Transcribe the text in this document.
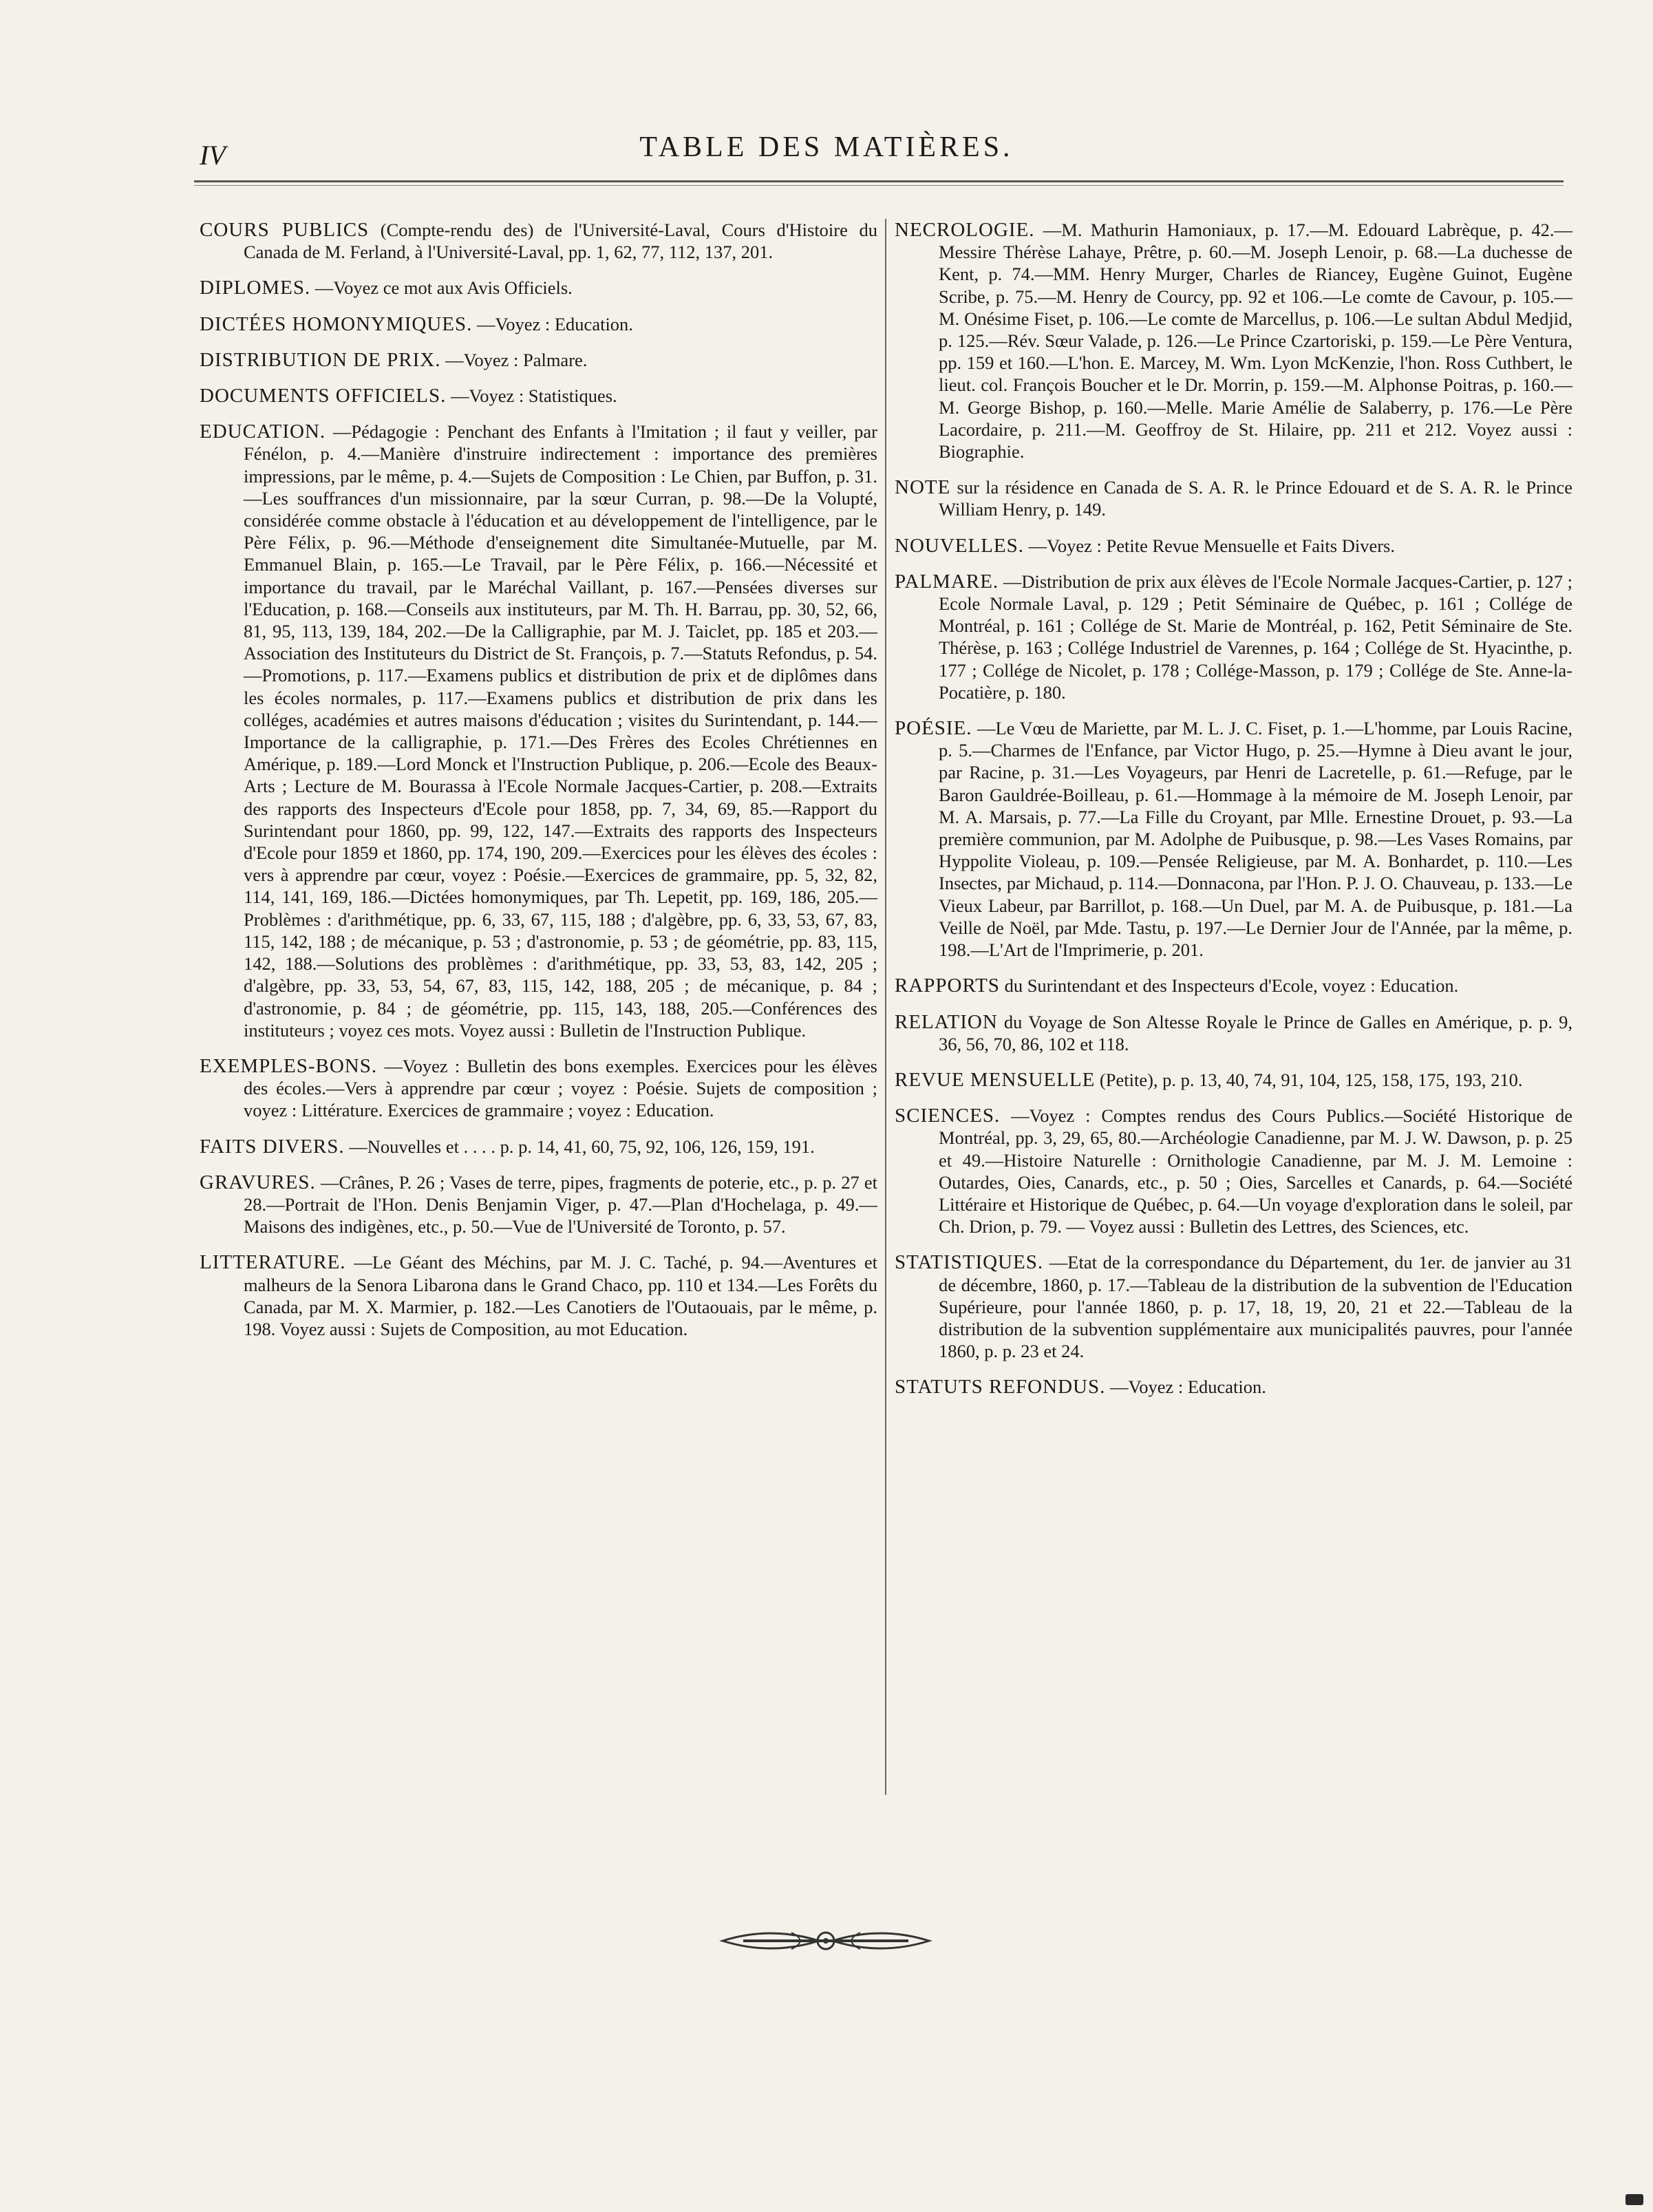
IV	TABLE DES MATIÈRES.

COURS PUBLICS (Compte-rendu des) de l'Université-Laval, Cours d'Histoire du Canada de M. Ferland, à l'Université-Laval, pp. 1, 62, 77, 112, 137, 201.

DIPLOMES. —Voyez ce mot aux Avis Officiels.

DICTÉES HOMONYMIQUES. —Voyez : Education.

DISTRIBUTION DE PRIX. —Voyez : Palmare.

DOCUMENTS OFFICIELS. —Voyez : Statistiques.

EDUCATION. —Pédagogie : Penchant des Enfants à l'Imitation ; il faut y veiller, par Fénélon, p. 4.—Manière d'instruire indirectement : importance des premières impressions, par le même, p. 4.—Sujets de Composition : Le Chien, par Buffon, p. 31.—Les souffrances d'un missionnaire, par la sœur Curran, p. 98.—De la Volupté, considérée comme obstacle à l'éducation et au développement de l'intelligence, par le Père Félix, p. 96.—Méthode d'enseignement dite Simultanée-Mutuelle, par M. Emmanuel Blain, p. 165.—Le Travail, par le Père Félix, p. 166.—Nécessité et importance du travail, par le Maréchal Vaillant, p. 167.—Pensées diverses sur l'Education, p. 168.—Conseils aux instituteurs, par M. Th. H. Barrau, pp. 30, 52, 66, 81, 95, 113, 139, 184, 202.—De la Calligraphie, par M. J. Taiclet, pp. 185 et 203.—Association des Instituteurs du District de St. François, p. 7.—Statuts Refondus, p. 54.—Promotions, p. 117.—Examens publics et distribution de prix et de diplômes dans les écoles normales, p. 117.—Examens publics et distribution de prix dans les colléges, académies et autres maisons d'éducation ; visites du Surintendant, p. 144.—Importance de la calligraphie, p. 171.—Des Frères des Ecoles Chrétiennes en Amérique, p. 189.—Lord Monck et l'Instruction Publique, p. 206.—Ecole des Beaux-Arts ; Lecture de M. Bourassa à l'Ecole Normale Jacques-Cartier, p. 208.—Extraits des rapports des Inspecteurs d'Ecole pour 1858, pp. 7, 34, 69, 85.—Rapport du Surintendant pour 1860, pp. 99, 122, 147.—Extraits des rapports des Inspecteurs d'Ecole pour 1859 et 1860, pp. 174, 190, 209.—Exercices pour les élèves des écoles : vers à apprendre par cœur, voyez : Poésie.—Exercices de grammaire, pp. 5, 32, 82, 114, 141, 169, 186.—Dictées homonymiques, par Th. Lepetit, pp. 169, 186, 205.—Problèmes : d'arithmétique, pp. 6, 33, 67, 115, 188 ; d'algèbre, pp. 6, 33, 53, 67, 83, 115, 142, 188 ; de mécanique, p. 53 ; d'astronomie, p. 53 ; de géométrie, pp. 83, 115, 142, 188.—Solutions des problèmes : d'arithmétique, pp. 33, 53, 83, 142, 205 ; d'algèbre, pp. 33, 53, 54, 67, 83, 115, 142, 188, 205 ; de mécanique, p. 84 ; d'astronomie, p. 84 ; de géométrie, pp. 115, 143, 188, 205.—Conférences des instituteurs ; voyez ces mots. Voyez aussi : Bulletin de l'Instruction Publique.

EXEMPLES-BONS. —Voyez : Bulletin des bons exemples. Exercices pour les élèves des écoles.—Vers à apprendre par cœur ; voyez : Poésie. Sujets de composition ; voyez : Littérature. Exercices de grammaire ; voyez : Education.

FAITS DIVERS. —Nouvelles et . . . . p. p. 14, 41, 60, 75, 92, 106, 126, 159, 191.

GRAVURES. —Crânes, P. 26 ; Vases de terre, pipes, fragments de poterie, etc., p. p. 27 et 28.—Portrait de l'Hon. Denis Benjamin Viger, p. 47.—Plan d'Hochelaga, p. 49.—Maisons des indigènes, etc., p. 50.—Vue de l'Université de Toronto, p. 57.

LITTERATURE. —Le Géant des Méchins, par M. J. C. Taché, p. 94.—Aventures et malheurs de la Senora Libarona dans le Grand Chaco, pp. 110 et 134.—Les Forêts du Canada, par M. X. Marmier, p. 182.—Les Canotiers de l'Outaouais, par le même, p. 198. Voyez aussi : Sujets de Composition, au mot Education.

NECROLOGIE. —M. Mathurin Hamoniaux, p. 17.—M. Edouard Labrèque, p. 42.—Messire Thérèse Lahaye, Prêtre, p. 60.—M. Joseph Lenoir, p. 68.—La duchesse de Kent, p. 74.—MM. Henry Murger, Charles de Riancey, Eugène Guinot, Eugène Scribe, p. 75.—M. Henry de Courcy, pp. 92 et 106.—Le comte de Cavour, p. 105.—M. Onésime Fiset, p. 106.—Le comte de Marcellus, p. 106.—Le sultan Abdul Medjid, p. 125.—Rév. Sœur Valade, p. 126.—Le Prince Czartoriski, p. 159.—Le Père Ventura, pp. 159 et 160.—L'hon. E. Marcey, M. Wm. Lyon McKenzie, l'hon. Ross Cuthbert, le lieut. col. François Boucher et le Dr. Morrin, p. 159.—M. Alphonse Poitras, p. 160.—M. George Bishop, p. 160.—Melle. Marie Amélie de Salaberry, p. 176.—Le Père Lacordaire, p. 211.—M. Geoffroy de St. Hilaire, pp. 211 et 212. Voyez aussi : Biographie.

NOTE sur la résidence en Canada de S. A. R. le Prince Edouard et de S. A. R. le Prince William Henry, p. 149.

NOUVELLES. —Voyez : Petite Revue Mensuelle et Faits Divers.

PALMARE. —Distribution de prix aux élèves de l'Ecole Normale Jacques-Cartier, p. 127 ; Ecole Normale Laval, p. 129 ; Petit Séminaire de Québec, p. 161 ; Collége de Montréal, p. 161 ; Collége de St. Marie de Montréal, p. 162, Petit Séminaire de Ste. Thérèse, p. 163 ; Collége Industriel de Varennes, p. 164 ; Collége de St. Hyacinthe, p. 177 ; Collége de Nicolet, p. 178 ; Collége-Masson, p. 179 ; Collége de Ste. Anne-la-Pocatière, p. 180.

POÉSIE. —Le Vœu de Mariette, par M. L. J. C. Fiset, p. 1.—L'homme, par Louis Racine, p. 5.—Charmes de l'Enfance, par Victor Hugo, p. 25.—Hymne à Dieu avant le jour, par Racine, p. 31.—Les Voyageurs, par Henri de Lacretelle, p. 61.—Refuge, par le Baron Gauldrée-Boilleau, p. 61.—Hommage à la mémoire de M. Joseph Lenoir, par M. A. Marsais, p. 77.—La Fille du Croyant, par Mlle. Ernestine Drouet, p. 93.—La première communion, par M. Adolphe de Puibusque, p. 98.—Les Vases Romains, par Hyppolite Violeau, p. 109.—Pensée Religieuse, par M. A. Bonhardet, p. 110.—Les Insectes, par Michaud, p. 114.—Donnacona, par l'Hon. P. J. O. Chauveau, p. 133.—Le Vieux Labeur, par Barrillot, p. 168.—Un Duel, par M. A. de Puibusque, p. 181.—La Veille de Noël, par Mde. Tastu, p. 197.—Le Dernier Jour de l'Année, par la même, p. 198.—L'Art de l'Imprimerie, p. 201.

RAPPORTS du Surintendant et des Inspecteurs d'Ecole, voyez : Education.

RELATION du Voyage de Son Altesse Royale le Prince de Galles en Amérique, p. p. 9, 36, 56, 70, 86, 102 et 118.

REVUE MENSUELLE (Petite), p. p. 13, 40, 74, 91, 104, 125, 158, 175, 193, 210.

SCIENCES. —Voyez : Comptes rendus des Cours Publics.—Société Historique de Montréal, pp. 3, 29, 65, 80.—Archéologie Canadienne, par M. J. W. Dawson, p. p. 25 et 49.—Histoire Naturelle : Ornithologie Canadienne, par M. J. M. Lemoine : Outardes, Oies, Canards, etc., p. 50 ; Oies, Sarcelles et Canards, p. 64.—Société Littéraire et Historique de Québec, p. 64.—Un voyage d'exploration dans le soleil, par Ch. Drion, p. 79. — Voyez aussi : Bulletin des Lettres, des Sciences, etc.

STATISTIQUES. —Etat de la correspondance du Département, du 1er. de janvier au 31 de décembre, 1860, p. 17.—Tableau de la distribution de la subvention de l'Education Supérieure, pour l'année 1860, p. p. 17, 18, 19, 20, 21 et 22.—Tableau de la distribution de la subvention supplémentaire aux municipalités pauvres, pour l'année 1860, p. p. 23 et 24.

STATUTS REFONDUS. —Voyez : Education.
